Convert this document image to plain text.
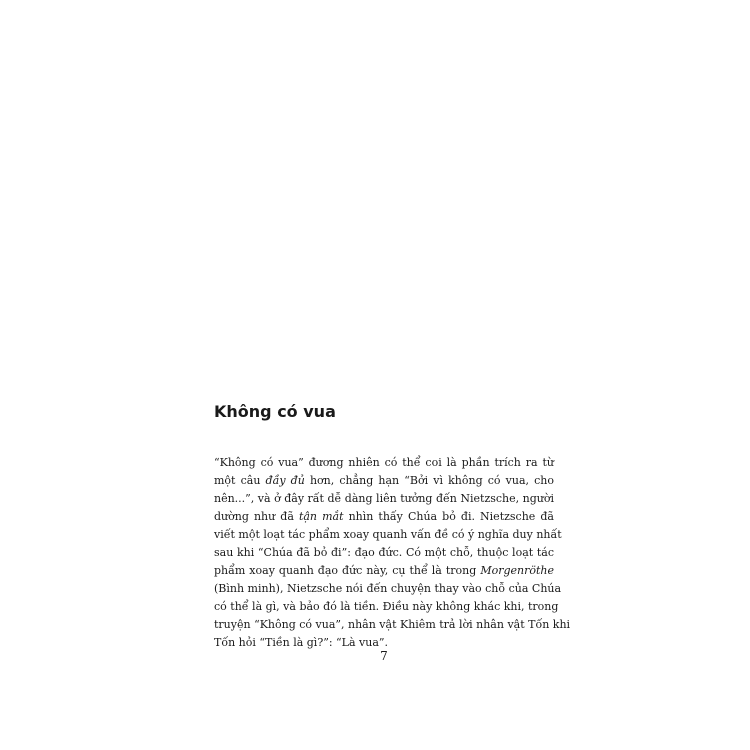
Không có vua
“Không có vua” đương nhiên có thể coi là phần trích ra từ
một câu đầy đủ hơn, chẳng hạn “Bởi vì không có vua, cho
nên...”, và ở đây rất dễ dàng liên tưởng đến Nietzsche, người
dường như đã tận mắt nhìn thấy Chúa bỏ đi. Nietzsche đã
viết một loạt tác phẩm xoay quanh vấn đề có ý nghĩa duy nhất
sau khi “Chúa đã bỏ đi”: đạo đức. Có một chỗ, thuộc loạt tác
phẩm xoay quanh đạo đức này, cụ thể là trong Morgenröthe
(Bình minh), Nietzsche nói đến chuyện thay vào chỗ của Chúa
có thể là gì, và bảo đó là tiền. Điều này không khác khi, trong
truyện “Không có vua”, nhân vật Khiêm trả lời nhân vật Tốn khi
Tốn hỏi “Tiền là gì?”: “Là vua”.
7
